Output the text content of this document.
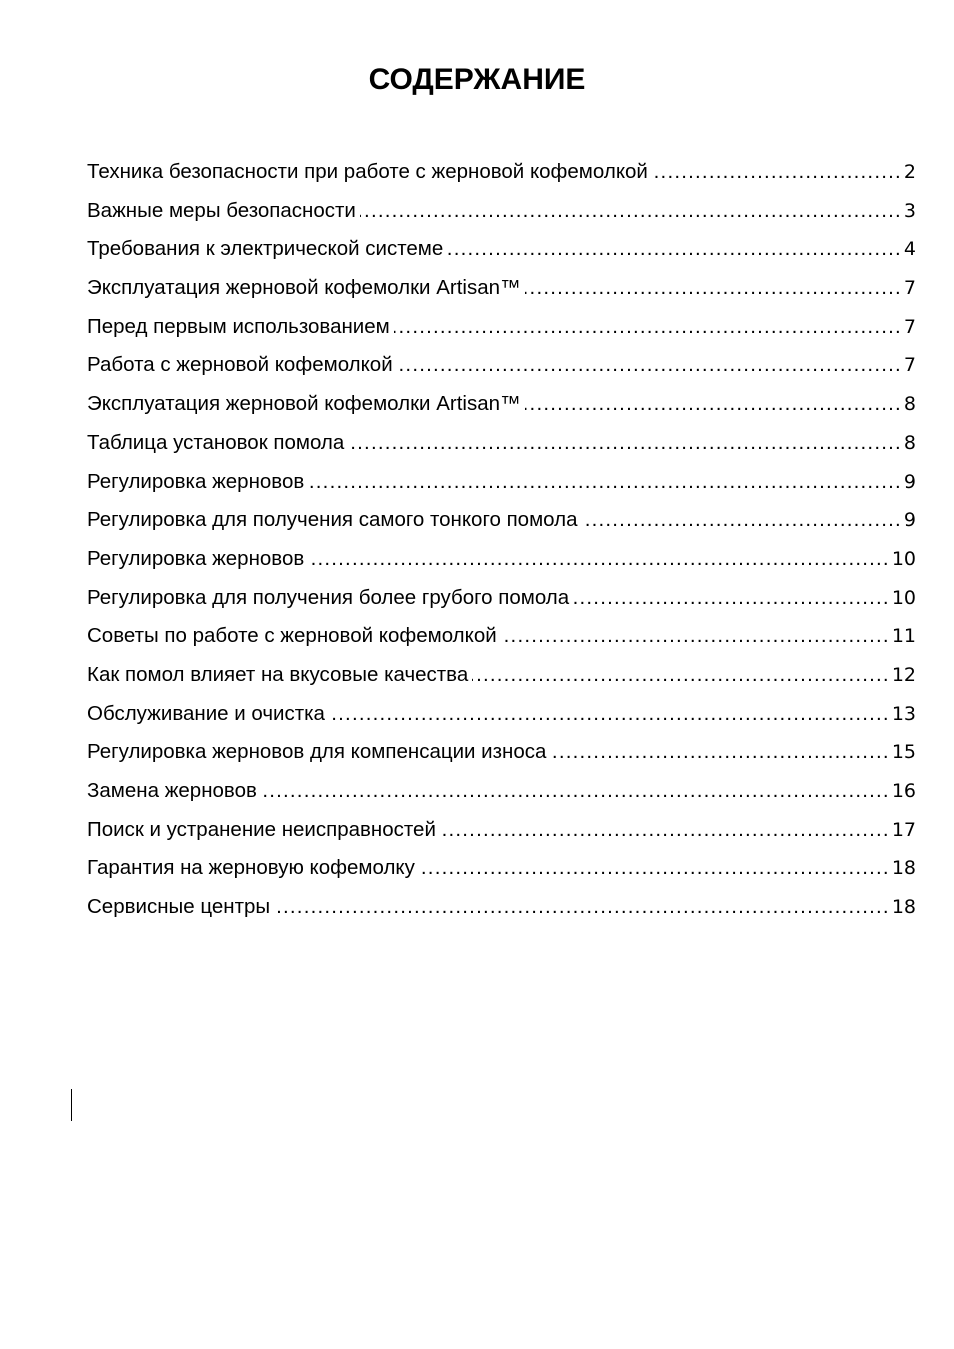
СОДЕРЖАНИЕ
Техника безопасности при работе с жерновой кофемолкой .....	2
Важные меры безопасности .....	3
Требования к электрической системе .....	4
Эксплуатация жерновой кофемолки Artisan™ .....	7
Перед первым использованием .....	7
Работа с жерновой кофемолкой .....	7
Эксплуатация жерновой кофемолки Artisan™ .....	8
Таблица установок помола .....	8
Регулировка жерновов .....	9
Регулировка для получения самого тонкого помола .....	9
Регулировка жерновов .....	10
Регулировка для получения более грубого помола .....	10
Советы по работе с жерновой кофемолкой .....	11
Как помол влияет на вкусовые качества .....	12
Обслуживание и очистка .....	13
Регулировка жерновов для компенсации износа .....	15
Замена жерновов .....	16
Поиск и устранение неисправностей .....	17
Гарантия на жерновую кофемолку .....	18
Сервисные центры .....	18
